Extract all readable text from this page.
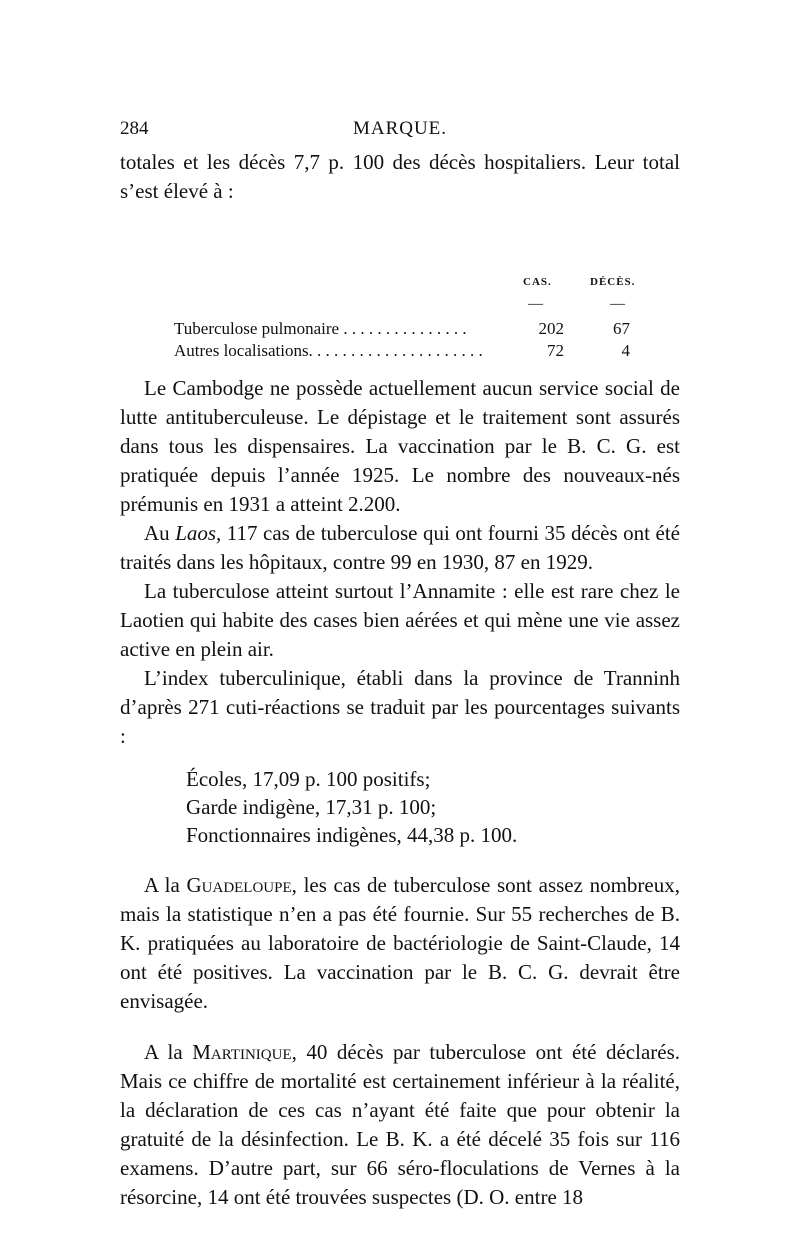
284	MARQUE.

totales et les décès 7,7 p. 100 des décès hospitaliers. Leur total s’est élevé à :

CAS.	DÉCÈS.
—	—
Tuberculose pulmonaire . . . . . . . . . . . . . . .	202	67
Autres localisations. . . . . . . . . . . . . . . . . . . . .	72	4

Le Cambodge ne possède actuellement aucun service social de lutte antituberculeuse. Le dépistage et le traitement sont assurés dans tous les dispensaires. La vaccination par le B. C. G. est pratiquée depuis l’année 1925. Le nombre des nouveaux-nés prémunis en 1931 a atteint 2.200.

Au Laos, 117 cas de tuberculose qui ont fourni 35 décès ont été traités dans les hôpitaux, contre 99 en 1930, 87 en 1929.

La tuberculose atteint surtout l’Annamite : elle est rare chez le Laotien qui habite des cases bien aérées et qui mène une vie assez active en plein air.

L’index tuberculinique, établi dans la province de Tranninh d’après 271 cuti-réactions se traduit par les pourcentages suivants :

Écoles, 17,09 p. 100 positifs;
Garde indigène, 17,31 p. 100;
Fonctionnaires indigènes, 44,38 p. 100.

A la Guadeloupe, les cas de tuberculose sont assez nombreux, mais la statistique n’en a pas été fournie. Sur 55 recherches de B. K. pratiquées au laboratoire de bactériologie de Saint-Claude, 14 ont été positives. La vaccination par le B. C. G. devrait être envisagée.

A la Martinique, 40 décès par tuberculose ont été déclarés. Mais ce chiffre de mortalité est certainement inférieur à la réalité, la déclaration de ces cas n’ayant été faite que pour obtenir la gratuité de la désinfection. Le B. K. a été décelé 35 fois sur 116 examens. D’autre part, sur 66 séro-floculations de Vernes à la résorcine, 14 ont été trouvées suspectes (D. O. entre 18
